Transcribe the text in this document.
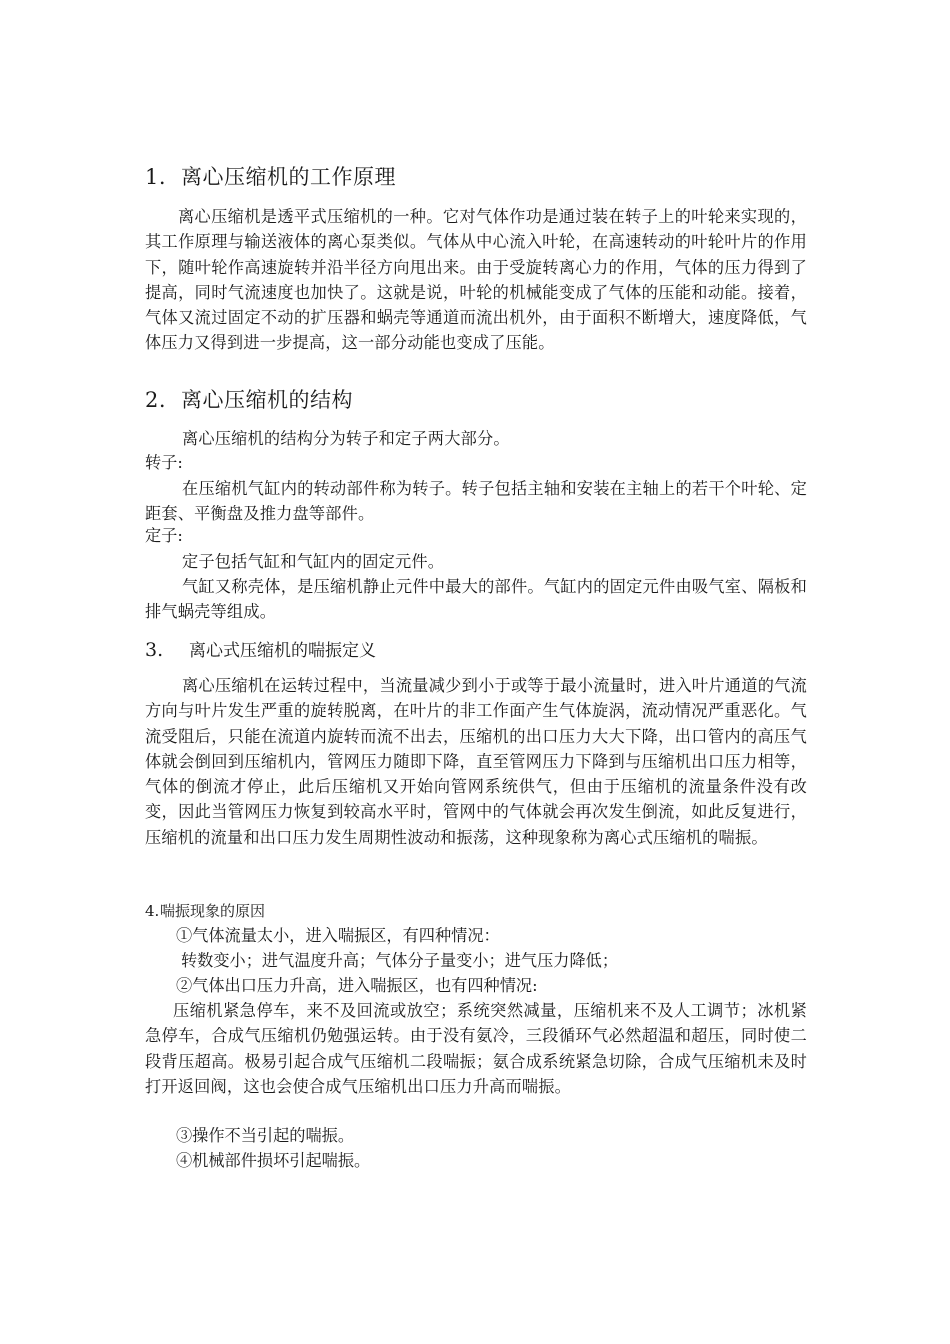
1. 离心压缩机的工作原理

离心压缩机是透平式压缩机的一种。它对气体作功是通过装在转子上的叶轮来实现的，其工作原理与输送液体的离心泵类似。气体从中心流入叶轮，在高速转动的叶轮叶片的作用下，随叶轮作高速旋转并沿半径方向甩出来。由于受旋转离心力的作用，气体的压力得到了提高，同时气流速度也加快了。这就是说，叶轮的机械能变成了气体的压能和动能。接着，气体又流过固定不动的扩压器和蜗壳等通道而流出机外，由于面积不断增大，速度降低，气体压力又得到进一步提高，这一部分动能也变成了压能。

2. 离心压缩机的结构

离心压缩机的结构分为转子和定子两大部分。

转子:

在压缩机气缸内的转动部件称为转子。转子包括主轴和安装在主轴上的若干个叶轮、定距套、平衡盘及推力盘等部件。

定子:

定子包括气缸和气缸内的固定元件。

气缸又称壳体，是压缩机静止元件中最大的部件。气缸内的固定元件由吸气室、隔板和排气蜗壳等组成。

3. 离心式压缩机的喘振定义

离心压缩机在运转过程中，当流量减少到小于或等于最小流量时，进入叶片通道的气流方向与叶片发生严重的旋转脱离，在叶片的非工作面产生气体旋涡，流动情况严重恶化。气流受阻后，只能在流道内旋转而流不出去，压缩机的出口压力大大下降，出口管内的高压气体就会倒回到压缩机内，管网压力随即下降，直至管网压力下降到与压缩机出口压力相等，气体的倒流才停止，此后压缩机又开始向管网系统供气，但由于压缩机的流量条件没有改变，因此当管网压力恢复到较高水平时，管网中的气体就会再次发生倒流，如此反复进行，压缩机的流量和出口压力发生周期性波动和振荡，这种现象称为离心式压缩机的喘振。

4.喘振现象的原因
①气体流量太小，进入喘振区，有四种情况：
转数变小；进气温度升高；气体分子量变小；进气压力降低；
②气体出口压力升高，进入喘振区，也有四种情况:

压缩机紧急停车，来不及回流或放空；系统突然减量，压缩机来不及人工调节；冰机紧急停车，合成气压缩机仍勉强运转。由于没有氨冷，三段循环气必然超温和超压，同时使二段背压超高。极易引起合成气压缩机二段喘振；氨合成系统紧急切除，合成气压缩机未及时打开返回阀，这也会使合成气压缩机出口压力升高而喘振。

③操作不当引起的喘振。
④机械部件损坏引起喘振。
